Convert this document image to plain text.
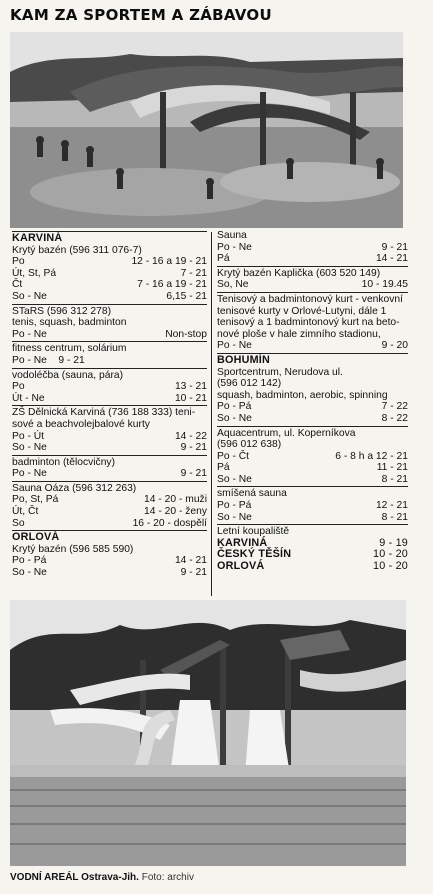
KAM ZA SPORTEM A ZÁBAVOU
KARVINÁ
Krytý bazén (596 311 076-7)
Po	12 - 16 a 19 - 21
Út, St, Pá	7 - 21
Čt	7 - 16 a 19 - 21
So - Ne	6,15 - 21
STaRS (596 312 278)
tenis, squash, badminton
Po - Ne	Non-stop
fitness centrum, solárium
Po - Ne    9 - 21
vodoléčba (sauna, pára)
Po	13 - 21
Út - Ne	10 - 21
ZŠ Dělnická Karviná (736 188 333) tenisové a beachvolejbalové kurty
Po - Út	14 - 22
So - Ne	9 - 21
badminton (tělocvičny)
Po - Ne	9 - 21
Sauna Oáza (596 312 263)
Po, St, Pá	14 - 20 - muži
Út, Čt	14 - 20 - ženy
So	16 - 20 - dospělí
ORLOVÁ
Krytý bazén (596 585 590)
Po - Pá	14 - 21
So - Ne	9 - 21
Sauna
Po - Ne	9 - 21
Pá	14 - 21
Krytý bazén Kaplička (603 520 149)
So, Ne	10 - 19.45
Tenisový a badmintonový kurt - venkovní tenisové kurty v Orlové-Lutyni, dále 1 tenisový a 1 badmintonový kurt na betonové ploše v hale zimního stadionu,
Po - Ne	9 - 20
BOHUMÍN
Sportcentrum, Nerudova ul.
(596 012 142)
squash, badminton, aerobic, spinning
Po - Pá	7 - 22
So - Ne	8 - 22
Aquacentrum, ul. Koperníkova
(596 012 638)
Po - Čt	6 - 8 h a 12 - 21
Pá	11 - 21
So - Ne	8 - 21
smíšená sauna
Po - Pá	12 - 21
So - Ne	8 - 21
Letní koupaliště
KARVINÁ	9 - 19
ČESKÝ TĚŠÍN	10 - 20
ORLOVÁ	10 - 20
VODNÍ AREÁL Ostrava-Jih. Foto: archiv
